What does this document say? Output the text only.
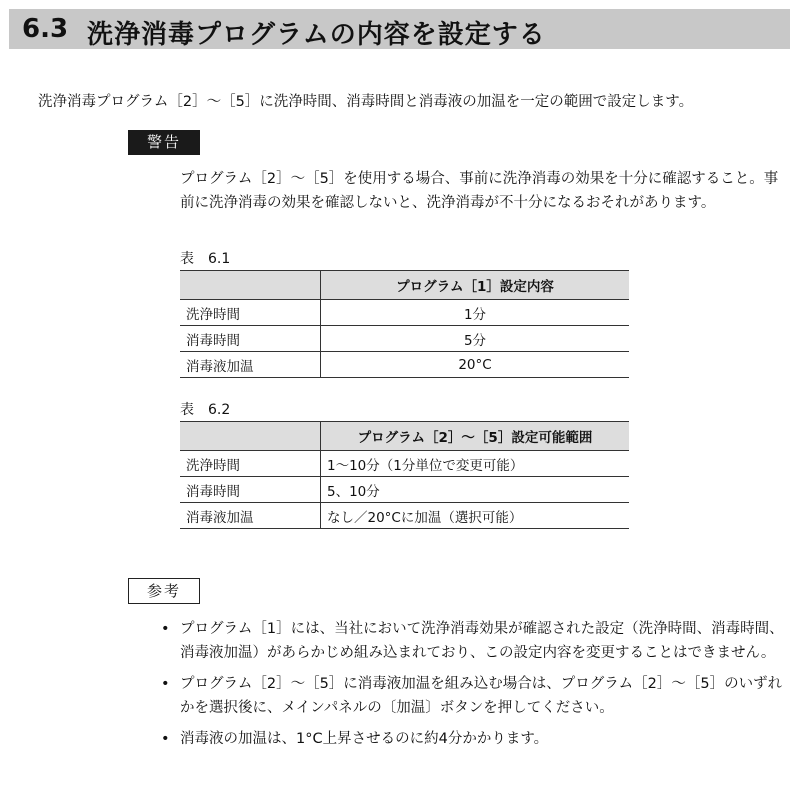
6.3 洗浄消毒プログラムの内容を設定する
洗浄消毒プログラム［2］～［5］に洗浄時間、消毒時間と消毒液の加温を一定の範囲で設定します。
警告
プログラム［2］～［5］を使用する場合、事前に洗浄消毒の効果を十分に確認すること。事前に洗浄消毒の効果を確認しないと、洗浄消毒が不十分になるおそれがあります。
表　6.1
	プログラム［1］設定内容
洗浄時間	1分
消毒時間	5分
消毒液加温	20°C
表　6.2
	プログラム［2］～［5］設定可能範囲
洗浄時間	1～10分（1分単位で変更可能）
消毒時間	5、10分
消毒液加温	なし／20°Cに加温（選択可能）
参考
• プログラム［1］には、当社において洗浄消毒効果が確認された設定（洗浄時間、消毒時間、消毒液加温）があらかじめ組み込まれており、この設定内容を変更することはできません。
• プログラム［2］～［5］に消毒液加温を組み込む場合は、プログラム［2］～［5］のいずれかを選択後に、メインパネルの〔加温〕ボタンを押してください。
• 消毒液の加温は、1°C上昇させるのに約4分かかります。
